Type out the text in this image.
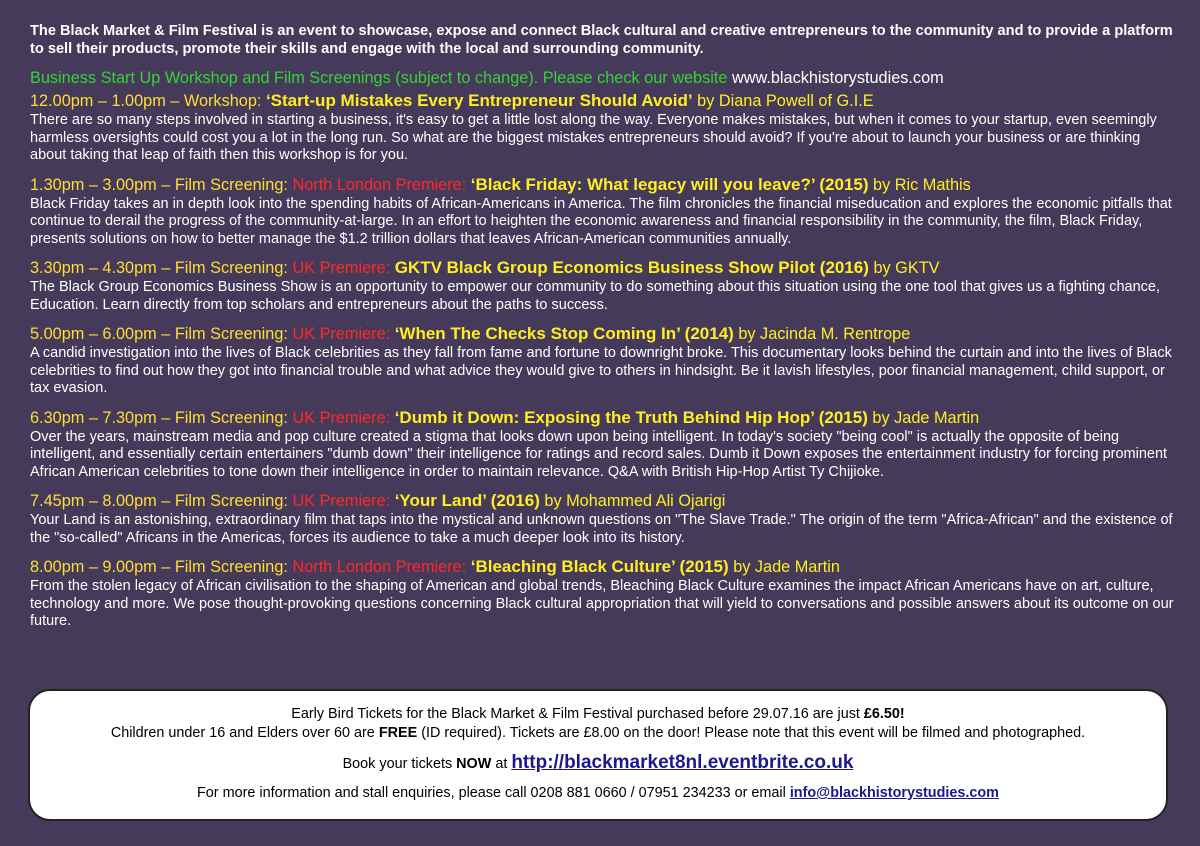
The Black Market & Film Festival is an event to showcase, expose and connect Black cultural and creative entrepreneurs to the community and to provide a platform to sell their products, promote their skills and engage with the local and surrounding community.

Business Start Up Workshop and Film Screenings (subject to change). Please check our website www.blackhistorystudies.com

12.00pm – 1.00pm – Workshop: ‘Start-up Mistakes Every Entrepreneur Should Avoid’ by Diana Powell of G.I.E
There are so many steps involved in starting a business, it's easy to get a little lost along the way. Everyone makes mistakes, but when it comes to your startup, even seemingly harmless oversights could cost you a lot in the long run. So what are the biggest mistakes entrepreneurs should avoid? If you're about to launch your business or are thinking about taking that leap of faith then this workshop is for you.
1.30pm – 3.00pm – Film Screening: North London Premiere: ‘Black Friday: What legacy will you leave?’ (2015) by Ric Mathis
Black Friday takes an in depth look into the spending habits of African-Americans in America. The film chronicles the financial miseducation and explores the economic pitfalls that continue to derail the progress of the community-at-large. In an effort to heighten the economic awareness and financial responsibility in the community, the film, Black Friday, presents solutions on how to better manage the $1.2 trillion dollars that leaves African-American communities annually.
3.30pm – 4.30pm – Film Screening: UK Premiere: GKTV Black Group Economics Business Show Pilot (2016) by GKTV
The Black Group Economics Business Show is an opportunity to empower our community to do something about this situation using the one tool that gives us a fighting chance, Education. Learn directly from top scholars and entrepreneurs about the paths to success.
5.00pm – 6.00pm – Film Screening: UK Premiere: ‘When The Checks Stop Coming In’ (2014) by Jacinda M. Rentrope
A candid investigation into the lives of Black celebrities as they fall from fame and fortune to downright broke. This documentary looks behind the curtain and into the lives of Black celebrities to find out how they got into financial trouble and what advice they would give to others in hindsight. Be it lavish lifestyles, poor financial management, child support, or tax evasion.
6.30pm – 7.30pm – Film Screening: UK Premiere: ‘Dumb it Down: Exposing the Truth Behind Hip Hop’ (2015) by Jade Martin
Over the years, mainstream media and pop culture created a stigma that looks down upon being intelligent. In today's society "being cool" is actually the opposite of being intelligent, and essentially certain entertainers "dumb down" their intelligence for ratings and record sales. Dumb it Down exposes the entertainment industry for forcing prominent African American celebrities to tone down their intelligence in order to maintain relevance. Q&A with British Hip-Hop Artist Ty Chijioke.
7.45pm – 8.00pm – Film Screening: UK Premiere: ‘Your Land’ (2016) by Mohammed Ali Ojarigi
Your Land is an astonishing, extraordinary film that taps into the mystical and unknown questions on "The Slave Trade." The origin of the term "Africa-African" and the existence of the "so-called" Africans in the Americas, forces its audience to take a much deeper look into its history.
8.00pm – 9.00pm – Film Screening: North London Premiere: ‘Bleaching Black Culture’ (2015) by Jade Martin
From the stolen legacy of African civilisation to the shaping of American and global trends, Bleaching Black Culture examines the impact African Americans have on art, culture, technology and more. We pose thought-provoking questions concerning Black cultural appropriation that will yield to conversations and possible answers about its outcome on our future.

Early Bird Tickets for the Black Market & Film Festival purchased before 29.07.16 are just £6.50!

Children under 16 and Elders over 60 are FREE (ID required). Tickets are £8.00 on the door! Please note that this event will be filmed and photographed.

Book your tickets NOW at http://blackmarket8nl.eventbrite.co.uk

For more information and stall enquiries, please call 0208 881 0660 / 07951 234233 or email info@blackhistorystudies.com
